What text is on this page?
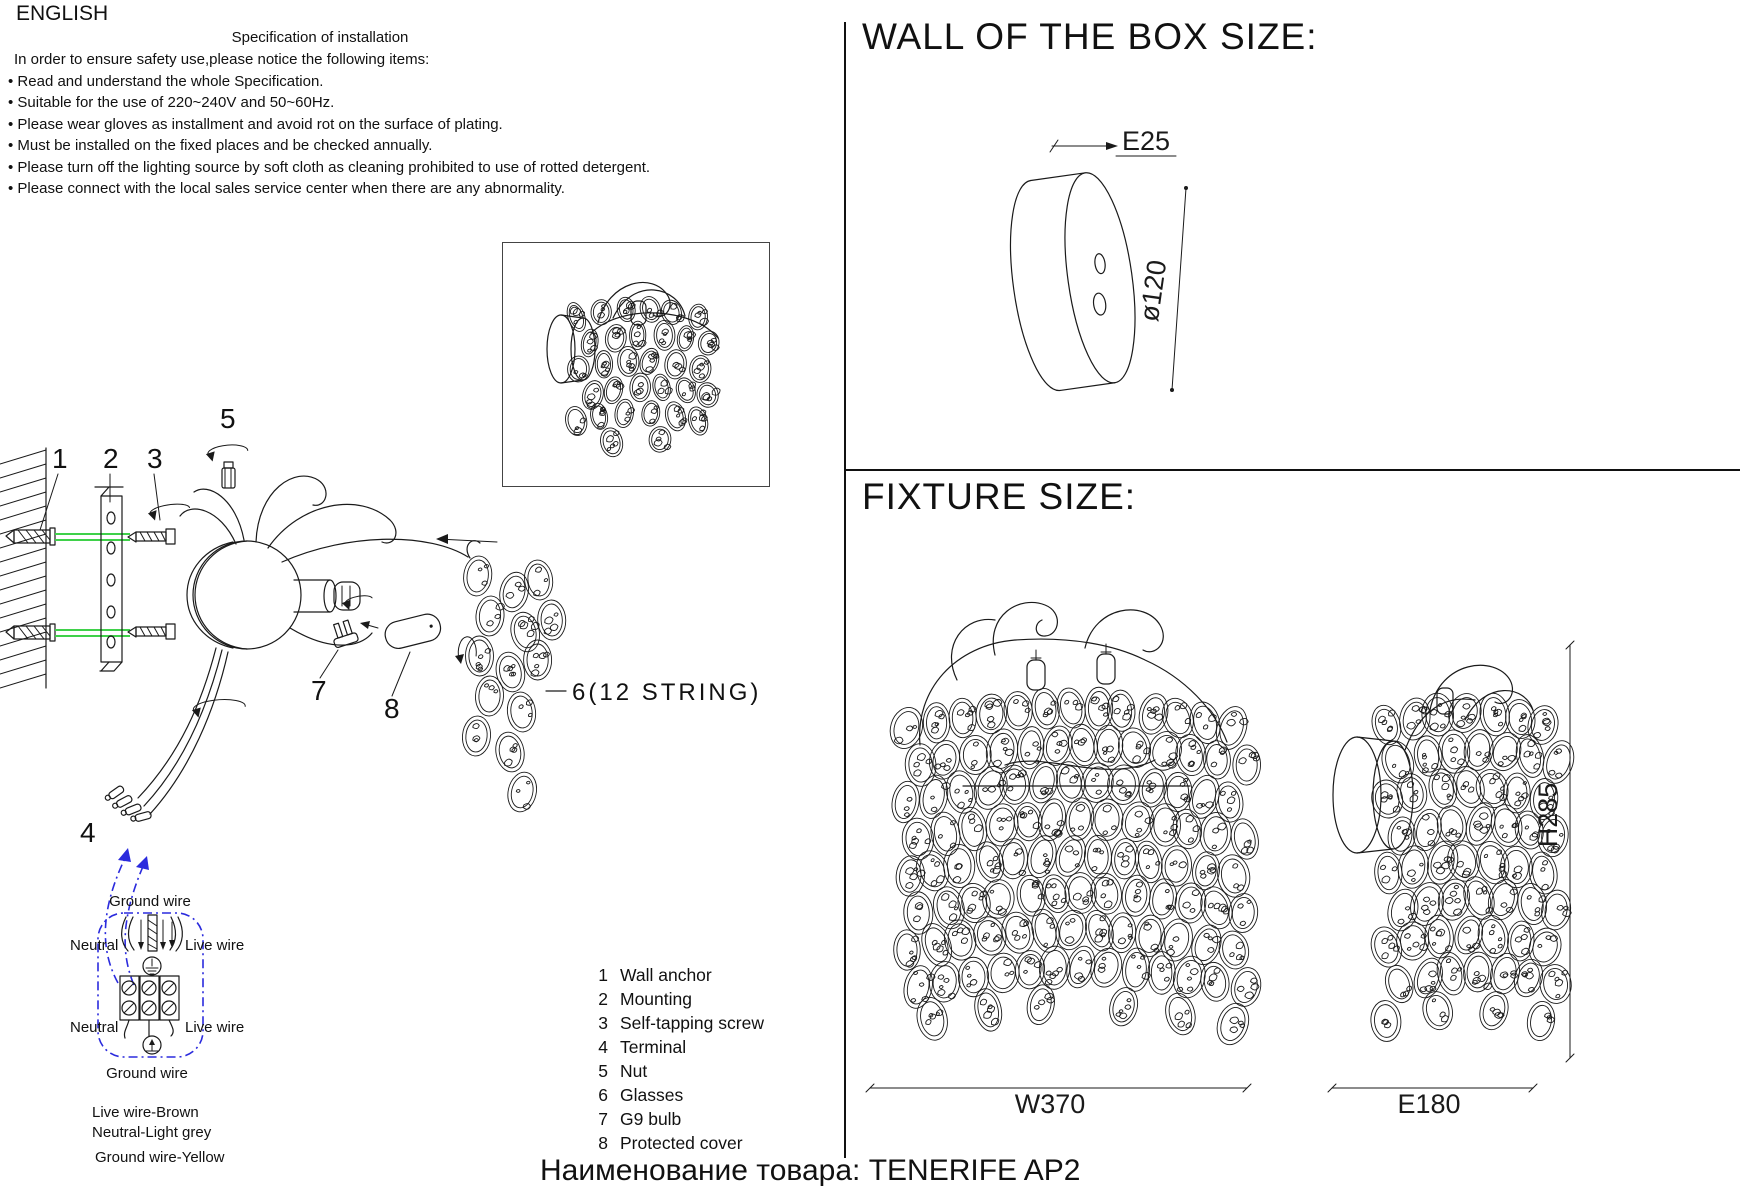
ENGLISH
Specification of installation
In order to ensure safety use,please notice the following items:
• Read and understand the whole Specification.
• Suitable for the use of 220~240V and 50~60Hz.
• Please wear gloves as installment and avoid rot on the surface of plating.
• Must be installed on the fixed places and be checked annually.
• Please turn off the lighting source by soft cloth as cleaning prohibited to use of rotted detergent.
• Please connect with the local sales service center when there are any abnormality.
WALL OF THE BOX SIZE:
FIXTURE SIZE:
1 Wall anchor
2 Mounting
3 Self-tapping screw
4 Terminal
5 Nut
6 Glasses
7 G9 bulb
8 Protected cover
Наименование товара: TENERIFE AP2
1 2 3
5
7
8
6(12 STRING)
4
Ground wire
Neutral	Live wire
Neutral	Live wire
Ground wire
Live wire-Brown
Neutral-Light grey
Ground wire-Yellow
E25
ø120
W370	E180
H285
